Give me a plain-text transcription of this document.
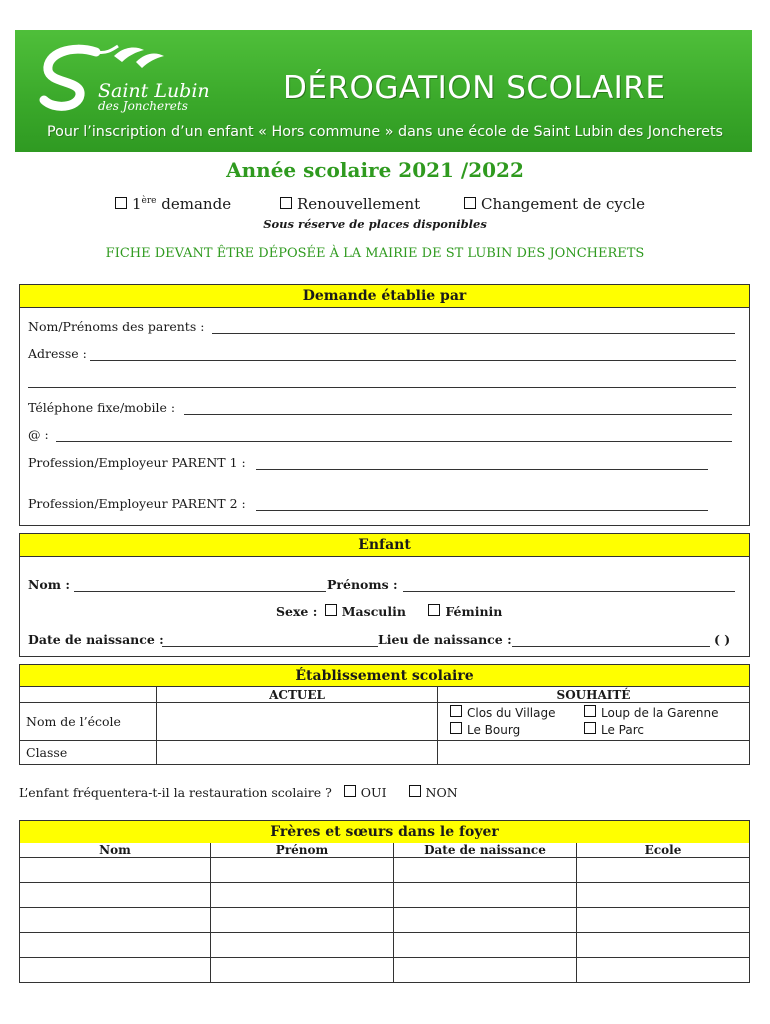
Saint Lubin
des Joncherets	DÉROGATION SCOLAIRE
Pour l’inscription d’un enfant « Hors commune » dans une école de Saint Lubin des Joncherets
Année scolaire 2021 /2022
1ère demande	Renouvellement	Changement de cycle
Sous réserve de places disponibles
FICHE DEVANT ÊTRE DÉPOSÉE À LA MAIRIE DE ST LUBIN DES JONCHERETS
Demande établie par
Nom/Prénoms des parents :
Adresse :
Téléphone fixe/mobile :
@ :
Profession/Employeur PARENT 1 :
Profession/Employeur PARENT 2 :
Enfant
Nom :	Prénoms :
Sexe : Masculin	Féminin
Date de naissance :	Lieu de naissance :	( )
Établissement scolaire		
	ACTUEL	SOUHAITÉ
Nom de l’école		Clos du Village Loup de la Garenne
Le Bourg Le Parc

Classe		
L’enfant fréquentera-t-il la restauration scolaire ? OUI	NON
Frères et sœurs dans le foyer			
Nom	Prénom	Date de naissance	Ecole
